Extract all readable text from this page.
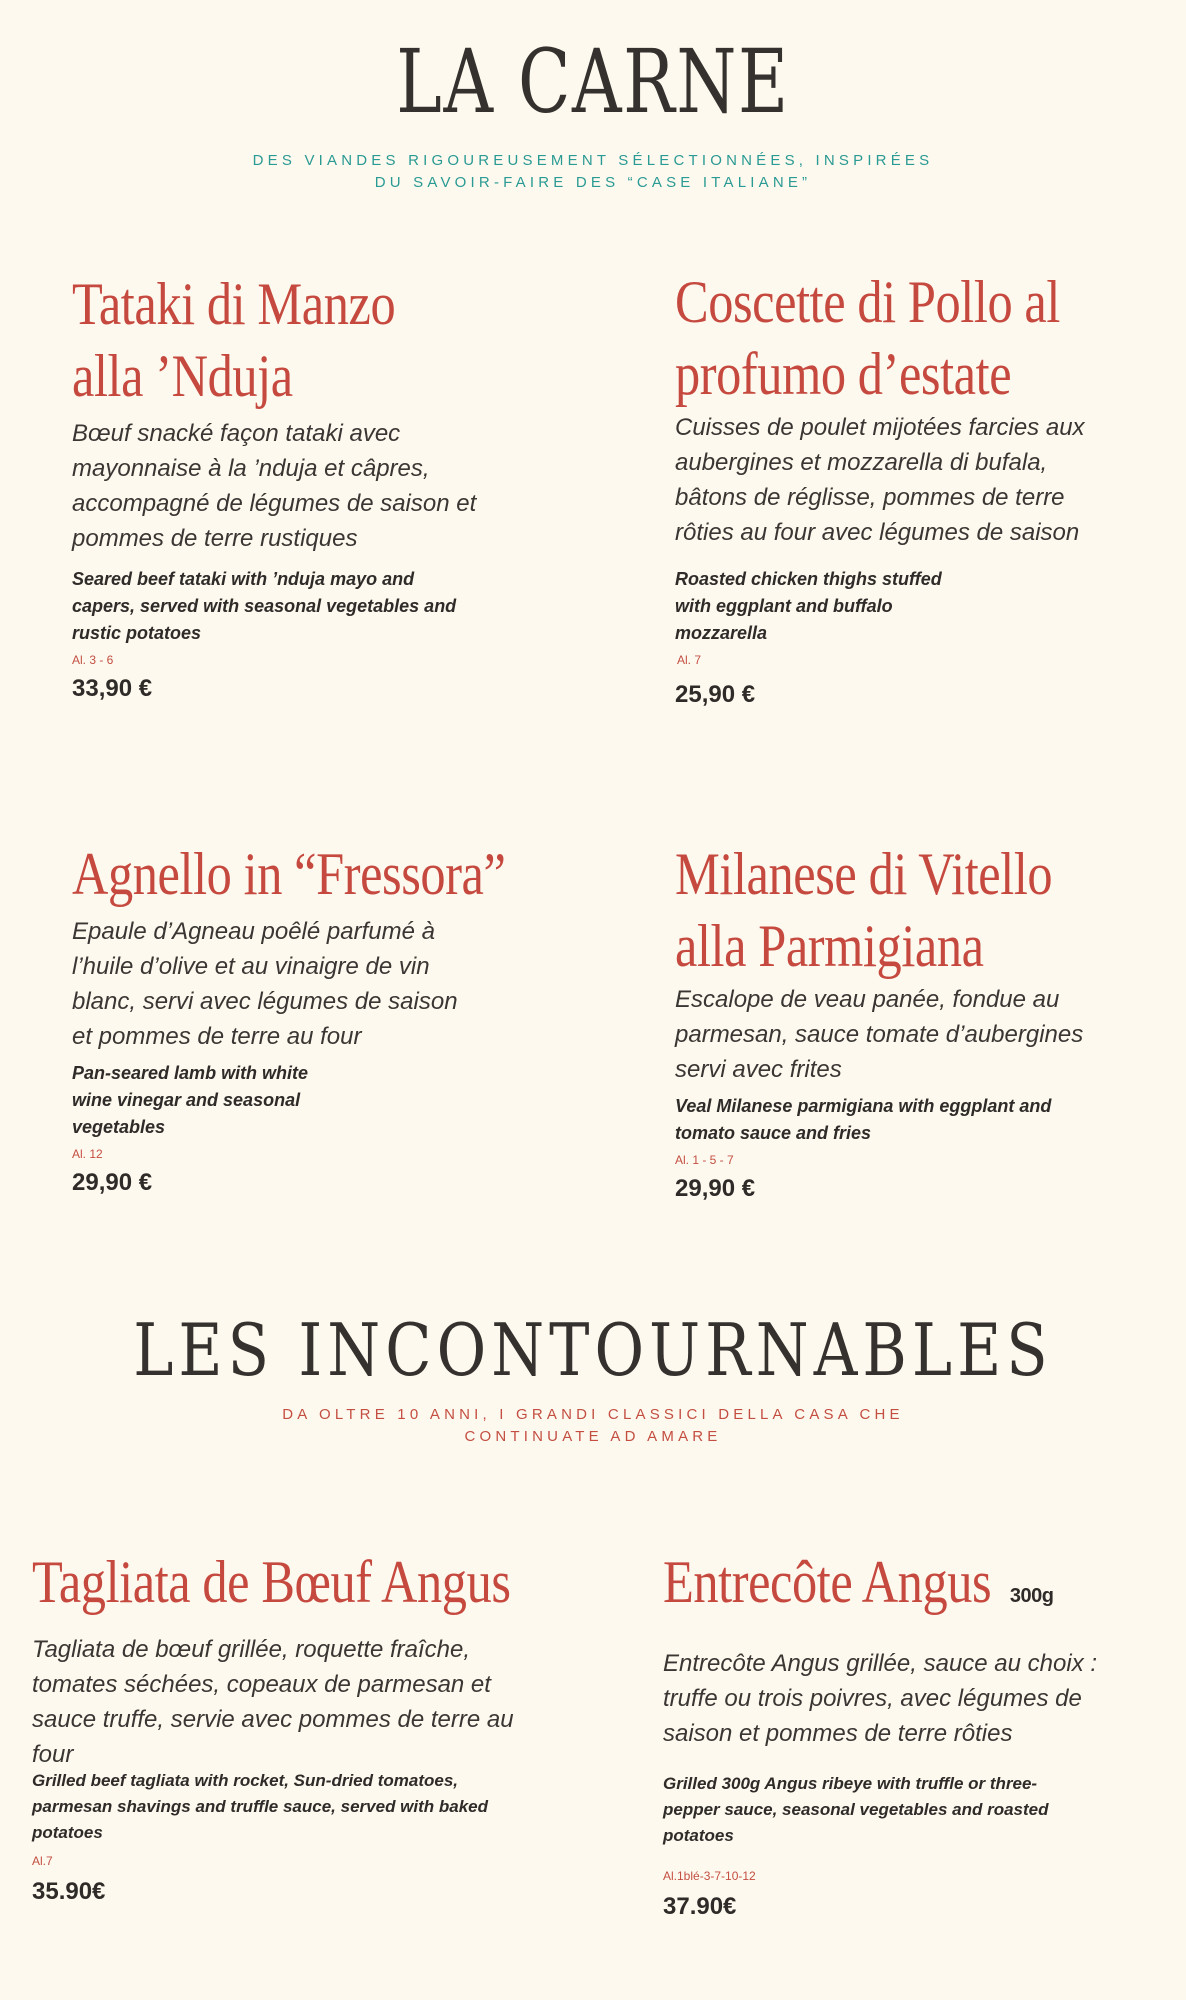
LA CARNE
DES VIANDES RIGOUREUSEMENT SÉLECTIONNÉES, INSPIRÉES
DU SAVOIR-FAIRE DES “CASE ITALIANE”
Tataki di Manzo
alla ’Nduja
Bœuf snacké façon tataki avec
mayonnaise à la ’nduja et câpres,
accompagné de légumes de saison et
pommes de terre rustiques
Seared beef tataki with ’nduja mayo and
capers, served with seasonal vegetables and
rustic potatoes
Al. 3 - 6
33,90 €
Coscette di Pollo al
profumo d’estate
Cuisses de poulet mijotées farcies aux
aubergines et mozzarella di bufala,
bâtons de réglisse, pommes de terre
rôties au four avec légumes de saison
Roasted chicken thighs stuffed
with eggplant and buffalo
mozzarella
Al. 7
25,90 €
Agnello in “Fressora”
Epaule d’Agneau poêlé parfumé à
l’huile d’olive et au vinaigre de vin
blanc, servi avec légumes de saison
et pommes de terre au four
Pan-seared lamb with white
wine vinegar and seasonal
vegetables
Al. 12
29,90 €
Milanese di Vitello
alla Parmigiana
Escalope de veau panée, fondue au
parmesan, sauce tomate d’aubergines
servi avec frites
Veal Milanese parmigiana with eggplant and
tomato sauce and fries
Al. 1 - 5 - 7
29,90 €
LES INCONTOURNABLES
DA OLTRE 10 ANNI, I GRANDI CLASSICI DELLA CASA CHE
CONTINUATE AD AMARE
Tagliata de Bœuf Angus
Tagliata de bœuf grillée, roquette fraîche,
tomates séchées, copeaux de parmesan et
sauce truffe, servie avec pommes de terre au
four
Grilled beef tagliata with rocket, Sun-dried tomatoes,
parmesan shavings and truffle sauce, served with baked
potatoes
Al.7
35.90€
Entrecôte Angus 300g
Entrecôte Angus grillée, sauce au choix :
truffe ou trois poivres, avec légumes de
saison et pommes de terre rôties
Grilled 300g Angus ribeye with truffle or three-
pepper sauce, seasonal vegetables and roasted
potatoes
Al.1blé-3-7-10-12
37.90€
